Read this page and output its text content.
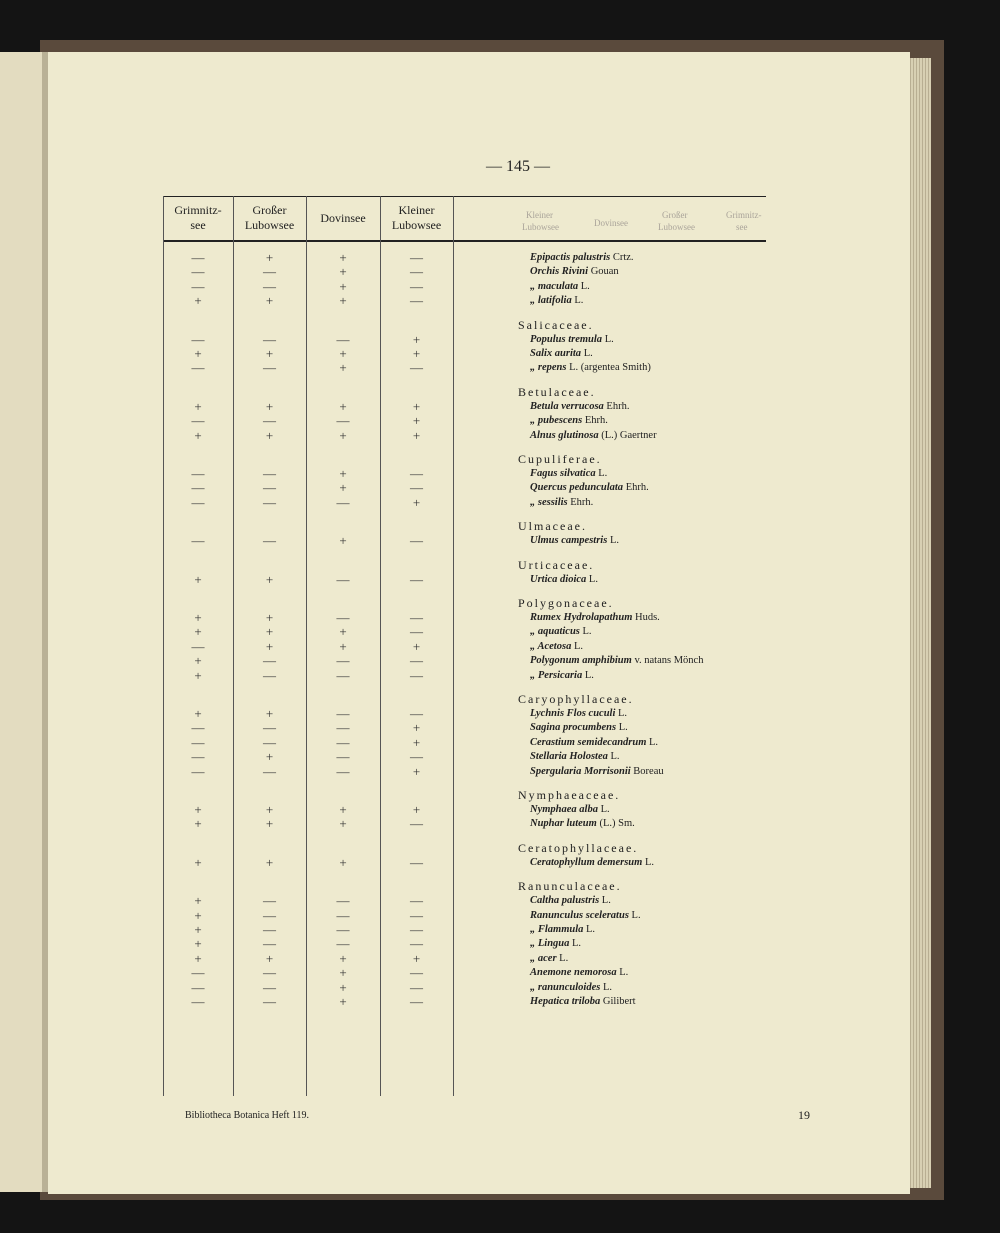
— 145 —
Grimnitz-
see
Großer
Lubowsee
Dovinsee
Kleiner
Lubowsee
Kleiner
Lubowsee	Dovinsee
Großer
Lubowsee
Grimnitz-
see
—	+	+	—	Epipactis palustris Crtz.
—	—	+	—	Orchis Rivini Gouan
—	—	+	—	„ maculata L.
+	+	+	—	„ latifolia L.
Salicaceae.
—	—	—	+	Populus tremula L.
+	+	+	+	Salix aurita L.
—	—	+	—	„ repens L. (argentea Smith)
Betulaceae.
+	+	+	+	Betula verrucosa Ehrh.
—	—	—	+	„ pubescens Ehrh.
+	+	+	+	Alnus glutinosa (L.) Gaertner
Cupuliferae.
—	—	+	—	Fagus silvatica L.
—	—	+	—	Quercus pedunculata Ehrh.
—	—	—	+	„ sessilis Ehrh.
Ulmaceae.
—	—	+	—	Ulmus campestris L.
Urticaceae.
+	+	—	—	Urtica dioica L.
Polygonaceae.
+	+	—	—	Rumex Hydrolapathum Huds.
+	+	+	—	„ aquaticus L.
—	+	+	+	„ Acetosa L.
+	—	—	—	Polygonum amphibium v. natans Mönch
+	—	—	—	„ Persicaria L.
Caryophyllaceae.
+	+	—	—	Lychnis Flos cuculi L.
—	—	—	+	Sagina procumbens L.
—	—	—	+	Cerastium semidecandrum L.
—	+	—	—	Stellaria Holostea L.
—	—	—	+	Spergularia Morrisonii Boreau
Nymphaeaceae.
+	+	+	+	Nymphaea alba L.
+	+	+	—	Nuphar luteum (L.) Sm.
Ceratophyllaceae.
+	+	+	—	Ceratophyllum demersum L.
Ranunculaceae.
+	—	—	—	Caltha palustris L.
+	—	—	—	Ranunculus sceleratus L.
+	—	—	—	„ Flammula L.
+	—	—	—	„ Lingua L.
+	+	+	+	„ acer L.
—	—	+	—	Anemone nemorosa L.
—	—	+	—	„ ranunculoides L.
—	—	+	—	Hepatica triloba Gilibert
Bibliotheca Botanica Heft 119.	19
